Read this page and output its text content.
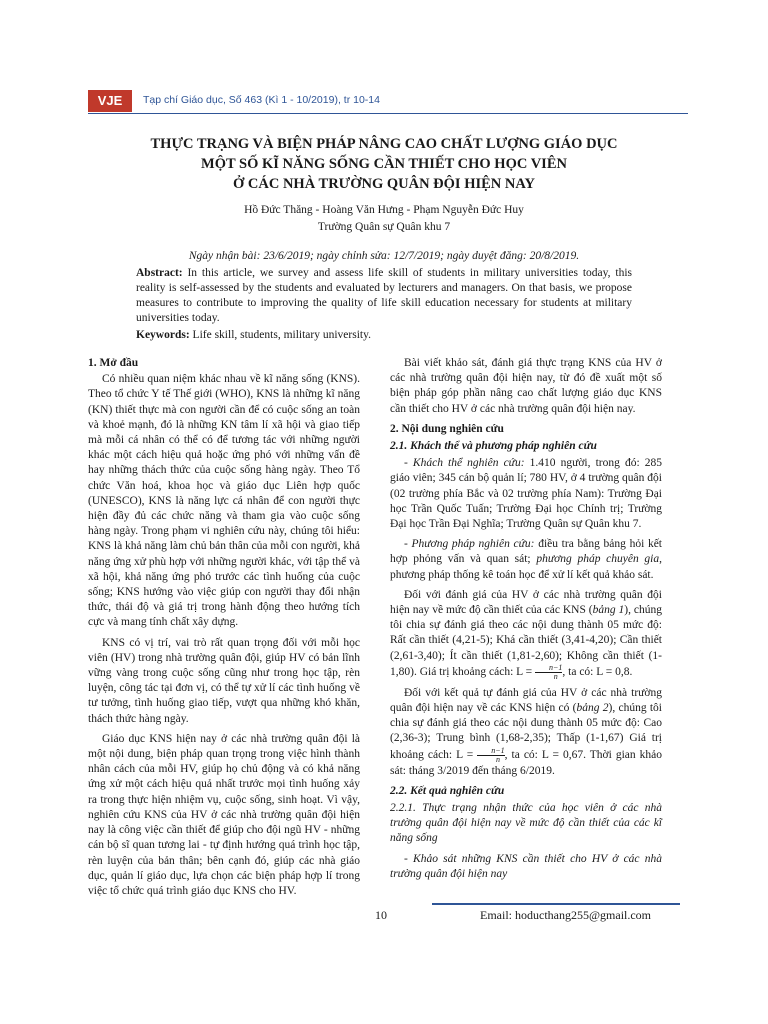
VJE	Tạp chí Giáo dục, Số 463 (Kì 1 - 10/2019), tr 10-14
THỰC TRẠNG VÀ BIỆN PHÁP NÂNG CAO CHẤT LƯỢNG GIÁO DỤC
MỘT SỐ KĨ NĂNG SỐNG CẦN THIẾT CHO HỌC VIÊN
Ở CÁC NHÀ TRƯỜNG QUÂN ĐỘI HIỆN NAY
Hồ Đức Thăng - Hoàng Văn Hưng - Phạm Nguyễn Đức Huy
Trường Quân sự Quân khu 7
Ngày nhận bài: 23/6/2019; ngày chỉnh sửa: 12/7/2019; ngày duyệt đăng: 20/8/2019.
Abstract: In this article, we survey and assess life skill of students in military universities today, this reality is self-assessed by the students and evaluated by lecturers and managers. On that basis, we propose measures to contribute to improving the quality of life skill education necessary for students at military universities today.
Keywords: Life skill, students, military university.

1. Mở đầu

Có nhiều quan niệm khác nhau về kĩ năng sống (KNS). Theo tổ chức Y tế Thế giới (WHO), KNS là những kĩ năng (KN) thiết thực mà con người cần để có cuộc sống an toàn và khoẻ mạnh, đó là những KN tâm lí xã hội và giao tiếp mà mỗi cá nhân có thể có để tương tác với những người khác một cách hiệu quả hoặc ứng phó với những vấn đề hay những thách thức của cuộc sống hàng ngày. Theo Tổ chức Văn hoá, khoa học và giáo dục Liên hợp quốc (UNESCO), KNS là năng lực cá nhân để con người thực hiện đầy đủ các chức năng và tham gia vào cuộc sống hàng ngày. Trong phạm vi nghiên cứu này, chúng tôi hiểu: KNS là khả năng làm chủ bản thân của mỗi con người, khả năng ứng xử phù hợp với những người khác, với tập thể và xã hội, khả năng ứng phó trước các tình huống của cuộc sống; KNS hướng vào việc giúp con người thay đổi nhận thức, thái độ và giá trị trong hành động theo hướng tích cực và mang tính chất xây dựng.

KNS có vị trí, vai trò rất quan trọng đối với mỗi học viên (HV) trong nhà trường quân đội, giúp HV có bản lĩnh vững vàng trong cuộc sống cũng như trong học tập, rèn luyện, công tác tại đơn vị, có thể tự xử lí các tình huống về tư tưởng, tình huống giao tiếp, vượt qua những khó khăn, thách thức hàng ngày.

Giáo dục KNS hiện nay ở các nhà trường quân đội là một nội dung, biện pháp quan trọng trong việc hình thành nhân cách của mỗi HV, giúp họ chủ động và có khả năng ứng xử một cách hiệu quả nhất trước mọi tình huống xảy ra trong thực hiện nhiệm vụ, cuộc sống, sinh hoạt. Vì vậy, nghiên cứu KNS của HV ở các nhà trường quân đội hiện nay là công việc cần thiết để giúp cho đội ngũ HV - những cán bộ sĩ quan tương lai - tự định hướng quá trình học tập, rèn luyện của bản thân; bên cạnh đó, giúp các nhà giáo dục, quản lí giáo dục, lựa chọn các biện pháp hợp lí trong việc tổ chức quá trình giáo dục KNS cho HV.

Bài viết khảo sát, đánh giá thực trạng KNS của HV ở các nhà trường quân đội hiện nay, từ đó đề xuất một số biện pháp góp phần nâng cao chất lượng giáo dục KNS cần thiết cho HV ở các nhà trường quân đội hiện nay.

2. Nội dung nghiên cứu

2.1. Khách thể và phương pháp nghiên cứu

- Khách thể nghiên cứu: 1.410 người, trong đó: 285 giáo viên; 345 cán bộ quản lí; 780 HV, ở 4 trường quân đội (02 trường phía Bắc và 02 trường phía Nam): Trường Đại học Trần Quốc Tuấn; Trường Đại học Chính trị; Trường Đại học Trần Đại Nghĩa; Trường Quân sự Quân khu 7.

- Phương pháp nghiên cứu: điều tra bằng bảng hỏi kết hợp phỏng vấn và quan sát; phương pháp chuyên gia, phương pháp thống kê toán học để xử lí kết quả khảo sát.

Đối với đánh giá của HV ở các nhà trường quân đội hiện nay về mức độ cần thiết của các KNS (bảng 1), chúng tôi chia sự đánh giá theo các nội dung thành 05 mức độ: Rất cần thiết (4,21-5); Khá cần thiết (3,41-4,20); Cần thiết (2,61-3,40); Ít cần thiết (1,81-2,60); Không cần thiết (1-1,80). Giá trị khoảng cách: $L = \frac{n-1}{n}$ , ta có: L = 0,8.

Đối với kết quả tự đánh giá của HV ở các nhà trường quân đội hiện nay về các KNS hiện có (bảng 2), chúng tôi chia sự đánh giá theo các nội dung thành 05 mức độ: Cao (2,36-3); Trung bình (1,68-2,35); Thấp (1-1,67) Giá trị khoảng cách: $L = \frac{n-1}{n}$ , ta có: L = 0,67. Thời gian khảo sát: tháng 3/2019 đến tháng 6/2019.

2.2. Kết quả nghiên cứu

2.2.1. Thực trạng nhận thức của học viên ở các nhà trường quân đội hiện nay về mức độ cần thiết của các kĩ năng sống

- Khảo sát những KNS cần thiết cho HV ở các nhà trường quân đội hiện nay

10	Email: hoducthang255@gmail.com
